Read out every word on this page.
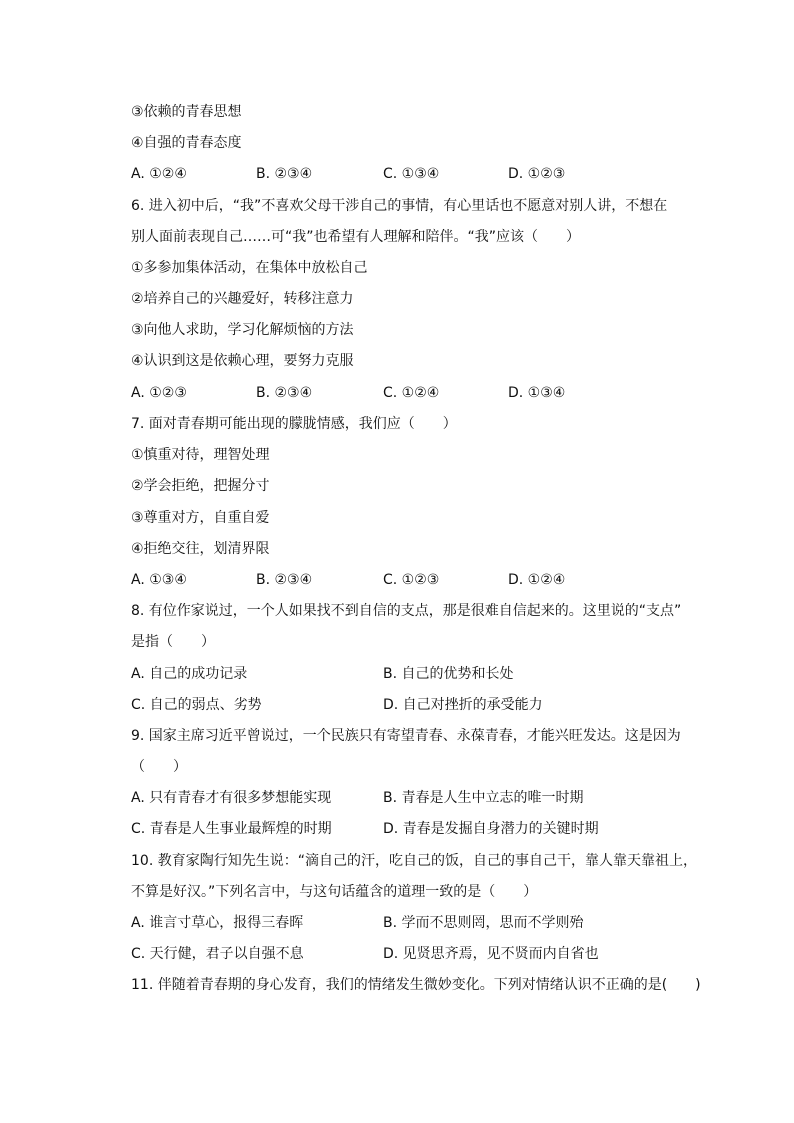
③依赖的青春思想
④自强的青春态度
A. ①②④	B. ②③④	C. ①③④	D. ①②③
6. 进入初中后，“我”不喜欢父母干涉自己的事情，有心里话也不愿意对别人讲，不想在
别人面前表现自己……可“我”也希望有人理解和陪伴。“我”应该（　　）
①多参加集体活动，在集体中放松自己
②培养自己的兴趣爱好，转移注意力
③向他人求助，学习化解烦恼的方法
④认识到这是依赖心理，要努力克服
A. ①②③	B. ②③④	C. ①②④	D. ①③④
7. 面对青春期可能出现的朦胧情感，我们应（　　）
①慎重对待，理智处理
②学会拒绝，把握分寸
③尊重对方，自重自爱
④拒绝交往，划清界限
A. ①③④	B. ②③④	C. ①②③	D. ①②④
8. 有位作家说过，一个人如果找不到自信的支点，那是很难自信起来的。这里说的“支点”
是指（　　）
A. 自己的成功记录	B. 自己的优势和长处
C. 自己的弱点、劣势	D. 自己对挫折的承受能力
9. 国家主席习近平曾说过，一个民族只有寄望青春、永葆青春，才能兴旺发达。这是因为
（　　）
A. 只有青春才有很多梦想能实现	B. 青春是人生中立志的唯一时期
C. 青春是人生事业最辉煌的时期	D. 青春是发掘自身潜力的关键时期
10. 教育家陶行知先生说：“滴自己的汗，吃自己的饭，自己的事自己干，靠人靠天靠祖上，
不算是好汉。”下列名言中，与这句话蕴含的道理一致的是（　　）
A. 谁言寸草心，报得三春晖	B. 学而不思则罔，思而不学则殆
C. 天行健，君子以自强不息	D. 见贤思齐焉，见不贤而内自省也
11. 伴随着青春期的身心发育，我们的情绪发生微妙变化。下列对情绪认识不正确的是(　　)
